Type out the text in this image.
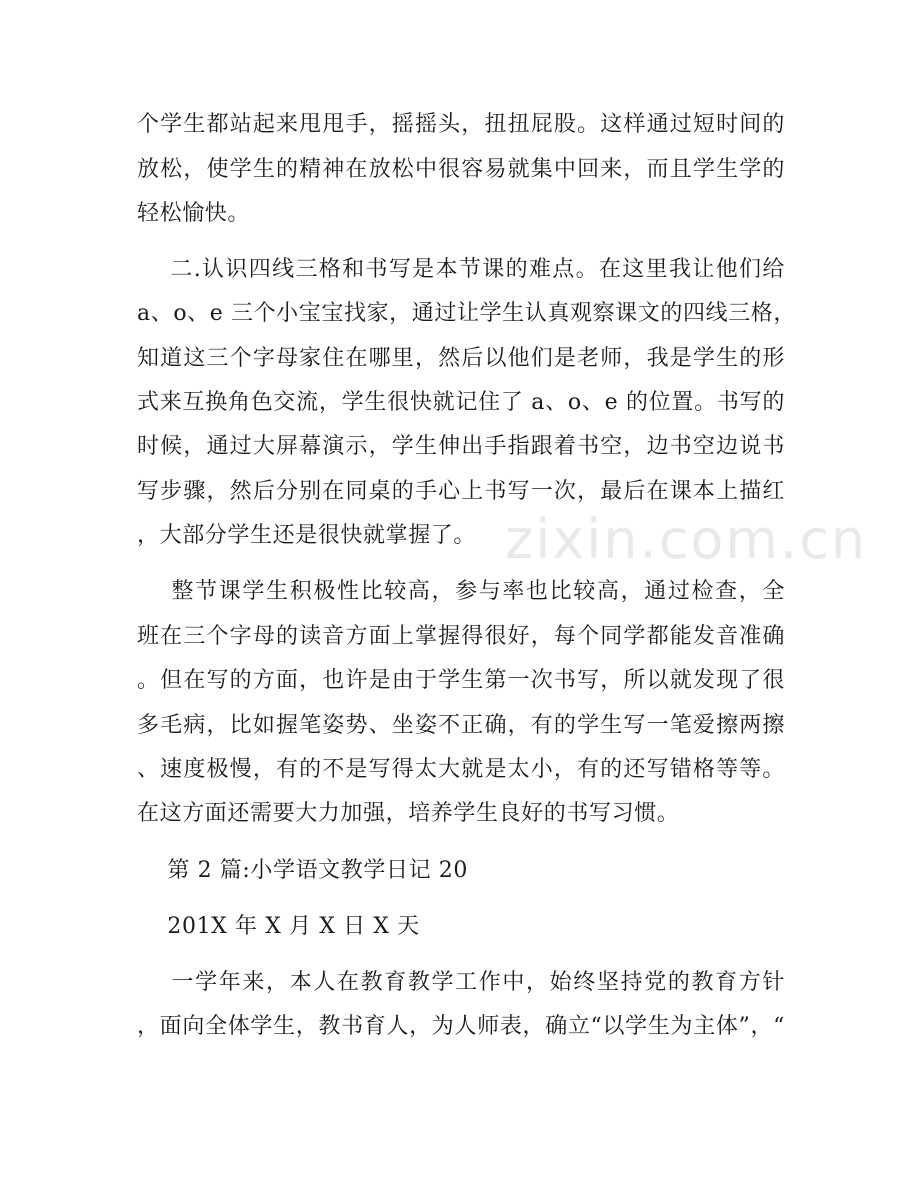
zixin.com.cn
个学生都站起来甩甩手，摇摇头，扭扭屁股。这样通过短时间的
放松，使学生的精神在放松中很容易就集中回来，而且学生学的
轻松愉快。
二.认识四线三格和书写是本节课的难点。在这里我让他们给
a、o、e 三个小宝宝找家，通过让学生认真观察课文的四线三格，
知道这三个字母家住在哪里，然后以他们是老师，我是学生的形
式来互换角色交流，学生很快就记住了 a、o、e 的位置。书写的
时候，通过大屏幕演示，学生伸出手指跟着书空，边书空边说书
写步骤，然后分别在同桌的手心上书写一次，最后在课本上描红
，大部分学生还是很快就掌握了。
整节课学生积极性比较高，参与率也比较高，通过检查，全
班在三个字母的读音方面上掌握得很好，每个同学都能发音准确
。但在写的方面，也许是由于学生第一次书写，所以就发现了很
多毛病，比如握笔姿势、坐姿不正确，有的学生写一笔爱擦两擦
、速度极慢，有的不是写得太大就是太小，有的还写错格等等。
在这方面还需要大力加强，培养学生良好的书写习惯。
第 2 篇:小学语文教学日记 20
201X 年 X 月 X 日 X 天
一学年来，本人在教育教学工作中，始终坚持党的教育方针
，面向全体学生，教书育人，为人师表，确立“以学生为主体”，“
